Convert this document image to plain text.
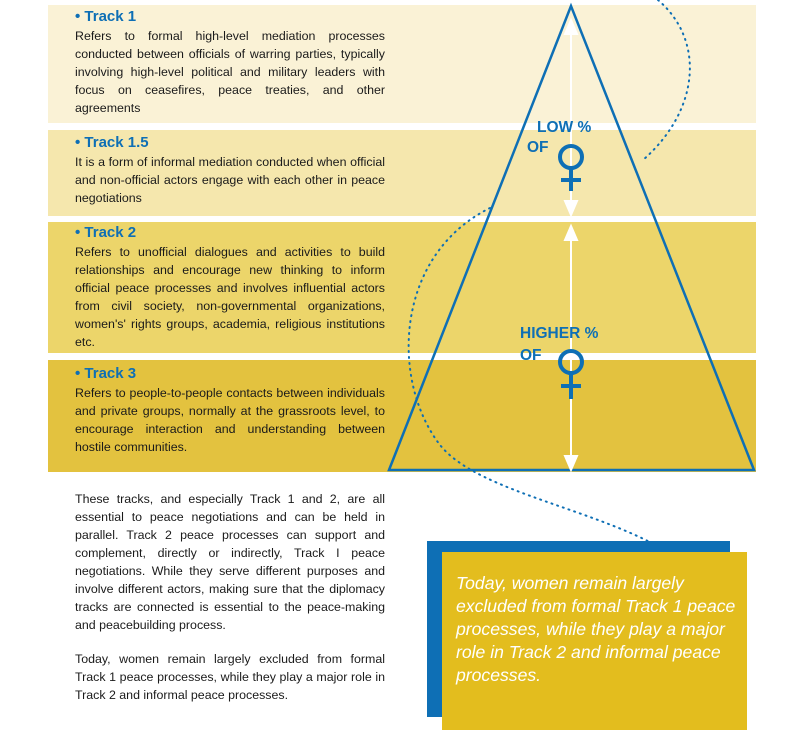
LOW %
OF
HIGHER %
OF
• Track 1

Refers to formal high-level mediation processes conducted between officials of warring parties, typically involving high-level political and military leaders with focus on ceasefires, peace treaties, and other agreements

• Track 1.5

It is a form of informal mediation conducted when official and non-official actors engage with each other in peace negotiations

• Track 2

Refers to unofficial dialogues and activities to build relationships and encourage new thinking to inform official peace processes and involves influential actors from civil society, non-governmental organizations, women's' rights groups, academia, religious institutions etc.

• Track 3

Refers to people-to-people contacts between individuals and private groups, normally at the grassroots level, to encourage interaction and understanding between hostile communities.

These tracks, and especially Track 1 and 2, are all essential to peace negotiations and can be held in parallel. Track 2 peace processes can support and complement, directly or indirectly, Track I peace negotiations. While they serve different purposes and involve different actors, making sure that the diplomacy tracks are connected is essential to the peace-making and peacebuilding process.

Today, women remain largely excluded from formal Track 1 peace processes, while they play a major role in Track 2 and informal peace processes.

Today, women remain largely excluded from formal Track 1 peace processes, while they play a major role in Track 2 and informal peace processes.
